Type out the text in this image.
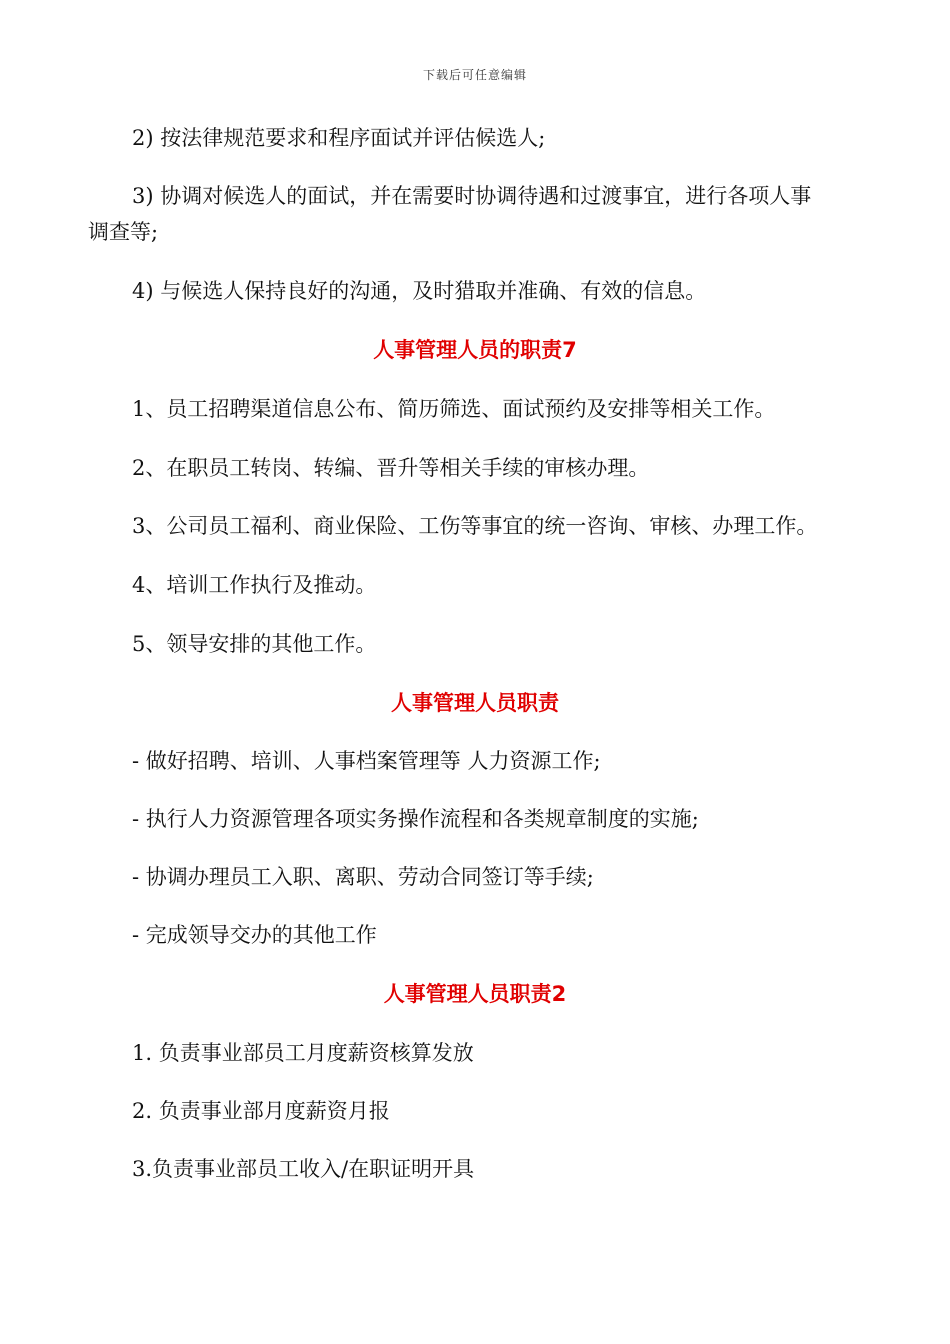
下载后可任意编辑
2) 按法律规范要求和程序面试并评估候选人;
3) 协调对候选人的面试，并在需要时协调待遇和过渡事宜，进行各项人事
调查等;
4) 与候选人保持良好的沟通，及时猎取并准确、有效的信息。
人事管理人员的职责7
1、员工招聘渠道信息公布、简历筛选、面试预约及安排等相关工作。
2、在职员工转岗、转编、晋升等相关手续的审核办理。
3、公司员工福利、商业保险、工伤等事宜的统一咨询、审核、办理工作。
4、培训工作执行及推动。
5、领导安排的其他工作。
人事管理人员职责
- 做好招聘、培训、人事档案管理等 人力资源工作;
- 执行人力资源管理各项实务操作流程和各类规章制度的实施;
- 协调办理员工入职、离职、劳动合同签订等手续;
- 完成领导交办的其他工作
人事管理人员职责2
1. 负责事业部员工月度薪资核算发放
2. 负责事业部月度薪资月报
3.负责事业部员工收入/在职证明开具
